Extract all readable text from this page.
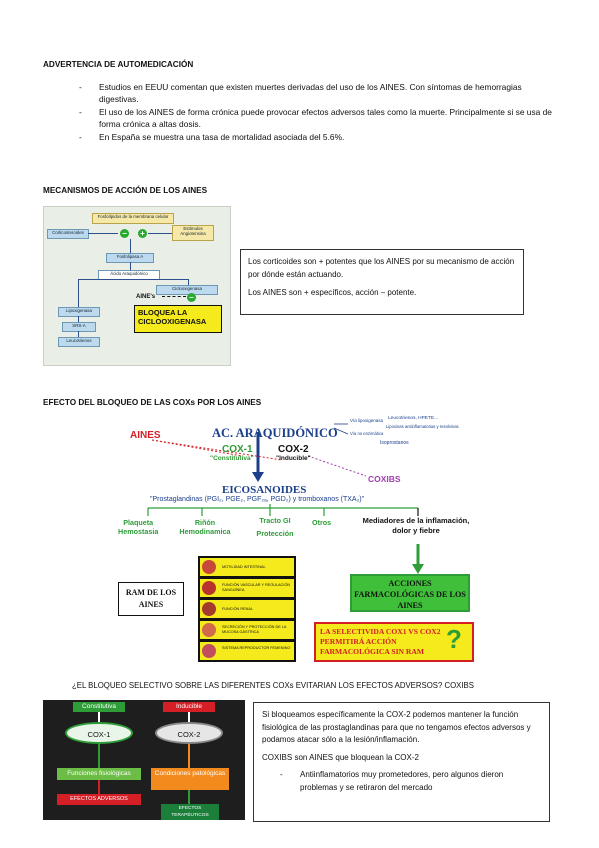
ADVERTENCIA DE AUTOMEDICACIÓN
- Estudios en EEUU comentan que existen muertes derivadas del uso de los AINES. Con síntomas de hemorragias digestivas.
- El uso de los AINES de forma crónica puede provocar efectos adversos tales como la muerte. Principalmente si se usa de forma crónica a altas dosis.
- En España se muestra una tasa de mortalidad asociada del 5.6%.
MECANISMOS DE ACCIÓN DE LOS AINES
Fosfolípidos de la membrana celular
Corticosteroides	− +
Estímulos Angiotensina
Fosfolipasa A
Ácido Araquidónico
Ciclooxigenasa
Lipoxigenasa
SRS-A
Leucotrienos
AINE's	−
BLOQUEA LA CICLOOXIGENASA
Los corticoides son + potentes que los AINES por su mecanismo de acción por dónde están actuando.
Los AINES son + específicos, acción – potente.
EFECTO DEL BLOQUEO DE LAS COXs POR LOS AINES
AINES	AC. ARAQUIDÓNICO
Vía lipoxigenasa Leucotrienos, HPETE...
Lipoxinas antiinflamatorias y resolvinas
Vía no enzimática
Isoprostanos
COX-1
"Constitutiva"
COX-2
"Inducible"
COXIBS
EICOSANOIDES
"Prostaglandinas (PGI₂, PGE₂, PGF₂ₐ, PGD₂) y tromboxanos (TXA₂)"
Plaqueta
Hemostasia
Riñón
Hemodinamica
Tracto GI
Protección
Otros	Mediadores de la inflamación, dolor y fiebre
RAM DE LOS AINES
MOTILIDAD INTESTINAL
FUNCIÓN VASCULAR Y REGULACIÓN SANGUÍNEA
FUNCIÓN RENAL
SECRECIÓN Y PROTECCIÓN DE LA MUCOSA GÁSTRICA
SISTEMA REPRODUCTOR FEMENINO
ACCIONES FARMACOLÓGICAS DE LOS AINES
LA SELECTIVIDA COX1 VS COX2 PERMITIRÁ ACCIÓN FARMACOLÓGICA SIN RAM ?
¿EL BLOQUEO SELECTIVO SOBRE LAS DIFERENTES COXs EVITARIAN LOS EFECTOS ADVERSOS? COXIBS
Constitutiva	Inducible
COX-1	COX-2
Funciones fisiológicas	Condiciones patológicas
EFECTOS ADVERSOS
EFECTOS TERAPÉUTICOS
Si bloqueamos específicamente la COX-2 podemos mantener la función fisiológica de las prostaglandinas para que no tengamos efectos adversos y podamos atacar sólo a la lesión/inflamación.
COXIBS son AINES que bloquean la COX-2
- Antiinflamatorios muy prometedores, pero algunos dieron problemas y se retiraron del mercado
